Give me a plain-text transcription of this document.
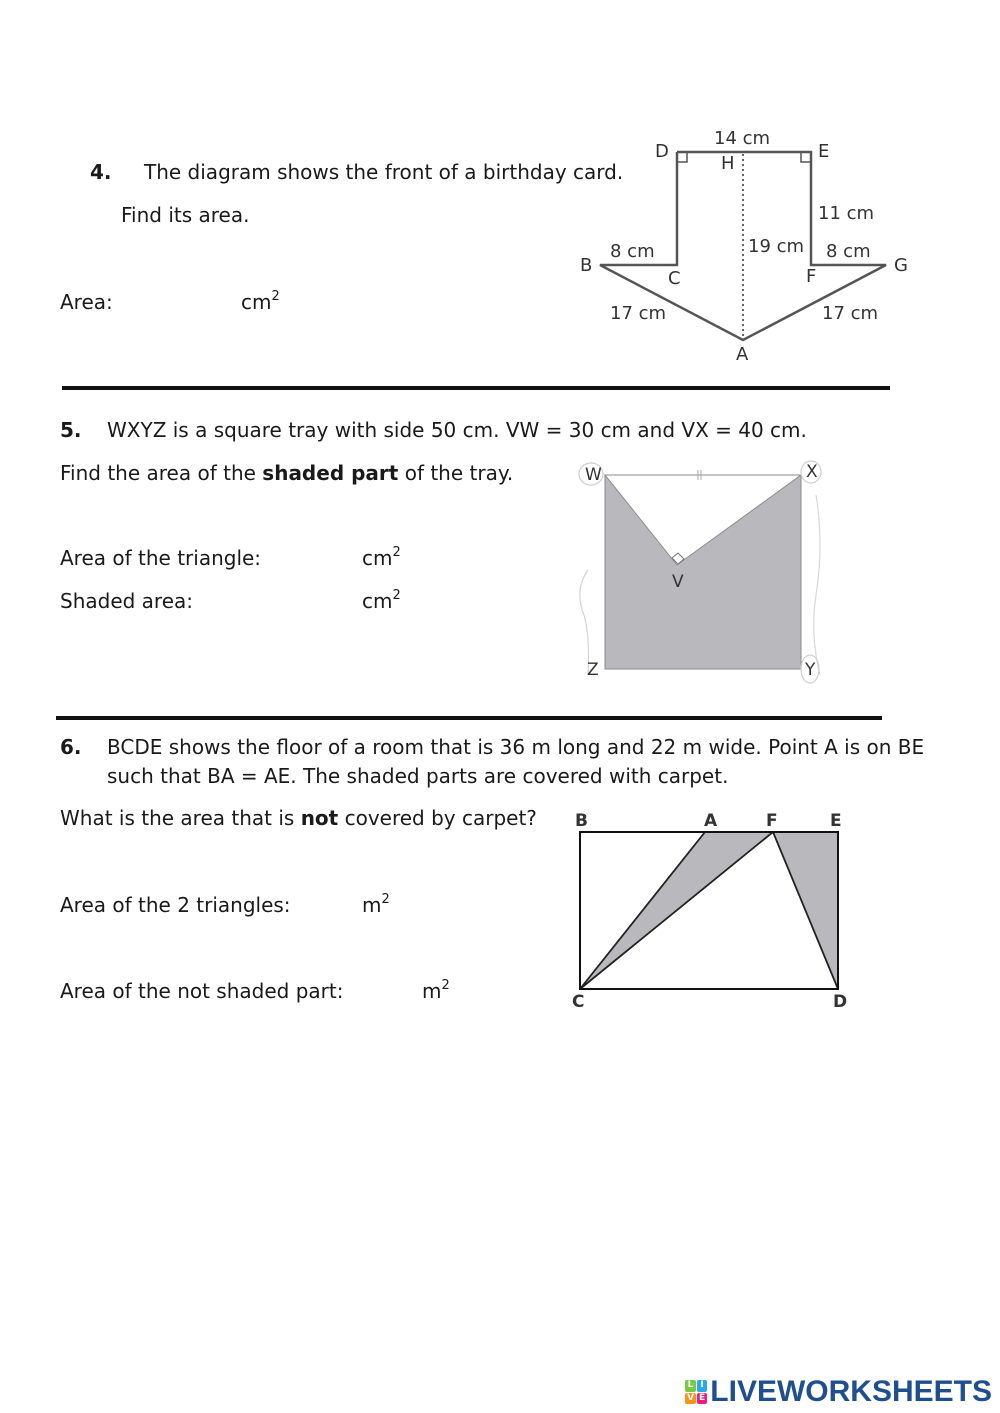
4. The diagram shows the front of a birthday card.
Find its area.
Area:	$cm^2$
D	E
H
B
C	F
G
A
14 cm
11 cm
19 cm
8 cm	8 cm
17 cm	17 cm
5. WXYZ is a square tray with side 50 cm. VW = 30 cm and VX = 40 cm.
Find the area of the shaded part of the tray.
Area of the triangle:	$cm^2$
Shaded area:	$cm^2$
W	X
V
Z	Y
6. BCDE shows the floor of a room that is 36 m long and 22 m wide. Point A is on BE
such that BA = AE. The shaded parts are covered with carpet.
What is the area that is not covered by carpet?
Area of the 2 triangles:	$m^2$
Area of the not shaded part:	$m^2$
B	A	F	E
C	D
L I
V E LIVEWORKSHEETS
